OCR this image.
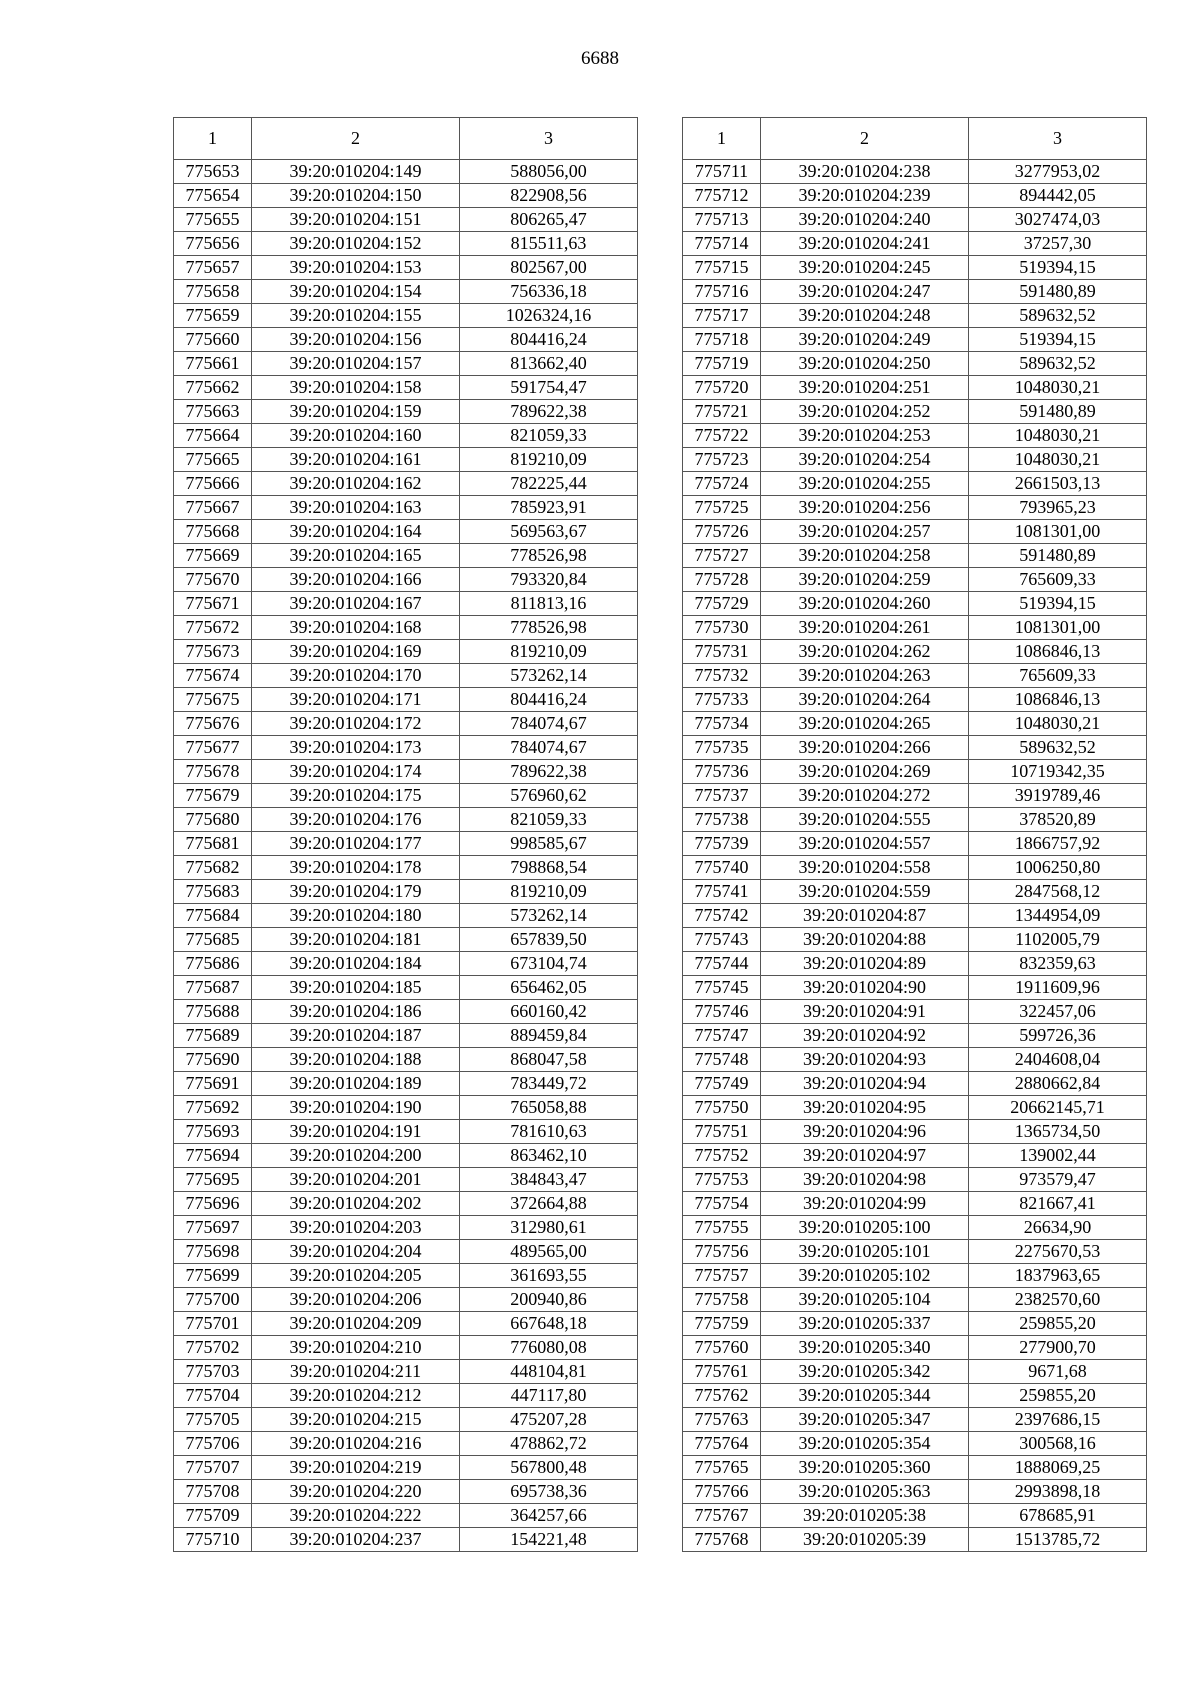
6688
1	2	3
775653	39:20:010204:149	588056,00
775654	39:20:010204:150	822908,56
775655	39:20:010204:151	806265,47
775656	39:20:010204:152	815511,63
775657	39:20:010204:153	802567,00
775658	39:20:010204:154	756336,18
775659	39:20:010204:155	1026324,16
775660	39:20:010204:156	804416,24
775661	39:20:010204:157	813662,40
775662	39:20:010204:158	591754,47
775663	39:20:010204:159	789622,38
775664	39:20:010204:160	821059,33
775665	39:20:010204:161	819210,09
775666	39:20:010204:162	782225,44
775667	39:20:010204:163	785923,91
775668	39:20:010204:164	569563,67
775669	39:20:010204:165	778526,98
775670	39:20:010204:166	793320,84
775671	39:20:010204:167	811813,16
775672	39:20:010204:168	778526,98
775673	39:20:010204:169	819210,09
775674	39:20:010204:170	573262,14
775675	39:20:010204:171	804416,24
775676	39:20:010204:172	784074,67
775677	39:20:010204:173	784074,67
775678	39:20:010204:174	789622,38
775679	39:20:010204:175	576960,62
775680	39:20:010204:176	821059,33
775681	39:20:010204:177	998585,67
775682	39:20:010204:178	798868,54
775683	39:20:010204:179	819210,09
775684	39:20:010204:180	573262,14
775685	39:20:010204:181	657839,50
775686	39:20:010204:184	673104,74
775687	39:20:010204:185	656462,05
775688	39:20:010204:186	660160,42
775689	39:20:010204:187	889459,84
775690	39:20:010204:188	868047,58
775691	39:20:010204:189	783449,72
775692	39:20:010204:190	765058,88
775693	39:20:010204:191	781610,63
775694	39:20:010204:200	863462,10
775695	39:20:010204:201	384843,47
775696	39:20:010204:202	372664,88
775697	39:20:010204:203	312980,61
775698	39:20:010204:204	489565,00
775699	39:20:010204:205	361693,55
775700	39:20:010204:206	200940,86
775701	39:20:010204:209	667648,18
775702	39:20:010204:210	776080,08
775703	39:20:010204:211	448104,81
775704	39:20:010204:212	447117,80
775705	39:20:010204:215	475207,28
775706	39:20:010204:216	478862,72
775707	39:20:010204:219	567800,48
775708	39:20:010204:220	695738,36
775709	39:20:010204:222	364257,66
775710	39:20:010204:237	154221,48
1	2	3
775711	39:20:010204:238	3277953,02
775712	39:20:010204:239	894442,05
775713	39:20:010204:240	3027474,03
775714	39:20:010204:241	37257,30
775715	39:20:010204:245	519394,15
775716	39:20:010204:247	591480,89
775717	39:20:010204:248	589632,52
775718	39:20:010204:249	519394,15
775719	39:20:010204:250	589632,52
775720	39:20:010204:251	1048030,21
775721	39:20:010204:252	591480,89
775722	39:20:010204:253	1048030,21
775723	39:20:010204:254	1048030,21
775724	39:20:010204:255	2661503,13
775725	39:20:010204:256	793965,23
775726	39:20:010204:257	1081301,00
775727	39:20:010204:258	591480,89
775728	39:20:010204:259	765609,33
775729	39:20:010204:260	519394,15
775730	39:20:010204:261	1081301,00
775731	39:20:010204:262	1086846,13
775732	39:20:010204:263	765609,33
775733	39:20:010204:264	1086846,13
775734	39:20:010204:265	1048030,21
775735	39:20:010204:266	589632,52
775736	39:20:010204:269	10719342,35
775737	39:20:010204:272	3919789,46
775738	39:20:010204:555	378520,89
775739	39:20:010204:557	1866757,92
775740	39:20:010204:558	1006250,80
775741	39:20:010204:559	2847568,12
775742	39:20:010204:87	1344954,09
775743	39:20:010204:88	1102005,79
775744	39:20:010204:89	832359,63
775745	39:20:010204:90	1911609,96
775746	39:20:010204:91	322457,06
775747	39:20:010204:92	599726,36
775748	39:20:010204:93	2404608,04
775749	39:20:010204:94	2880662,84
775750	39:20:010204:95	20662145,71
775751	39:20:010204:96	1365734,50
775752	39:20:010204:97	139002,44
775753	39:20:010204:98	973579,47
775754	39:20:010204:99	821667,41
775755	39:20:010205:100	26634,90
775756	39:20:010205:101	2275670,53
775757	39:20:010205:102	1837963,65
775758	39:20:010205:104	2382570,60
775759	39:20:010205:337	259855,20
775760	39:20:010205:340	277900,70
775761	39:20:010205:342	9671,68
775762	39:20:010205:344	259855,20
775763	39:20:010205:347	2397686,15
775764	39:20:010205:354	300568,16
775765	39:20:010205:360	1888069,25
775766	39:20:010205:363	2993898,18
775767	39:20:010205:38	678685,91
775768	39:20:010205:39	1513785,72
